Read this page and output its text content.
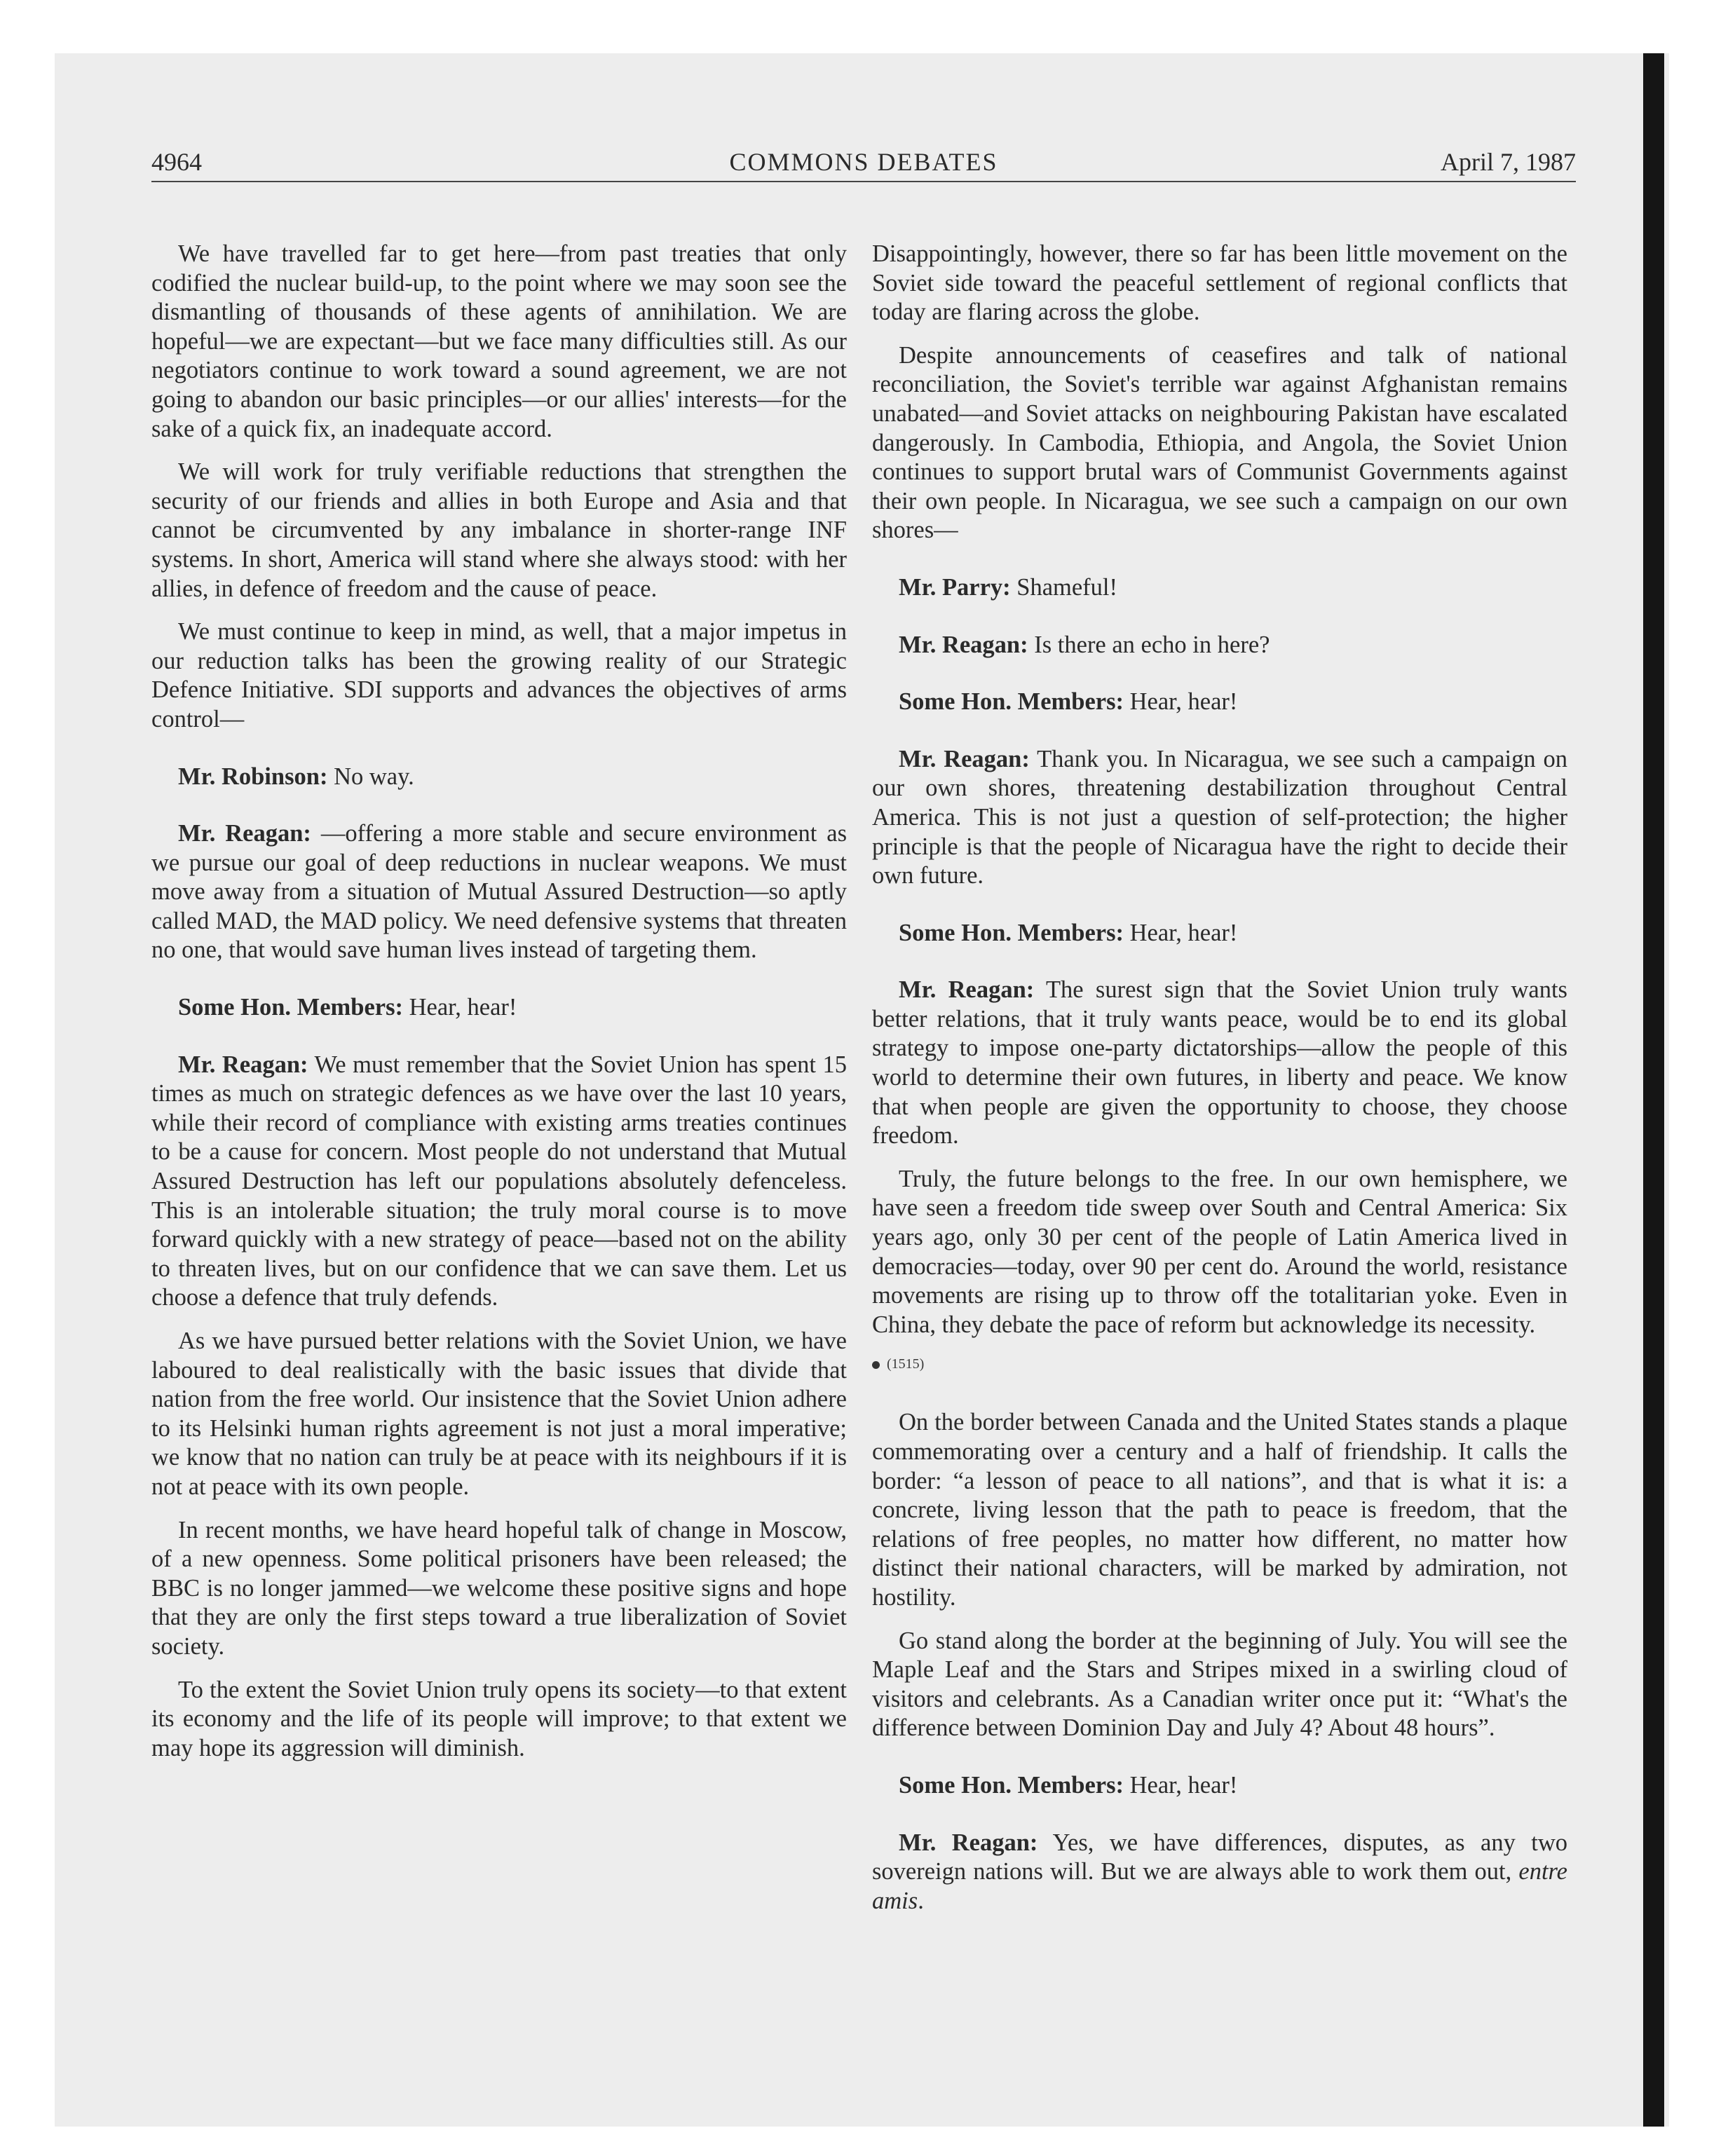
4964	COMMONS DEBATES	April 7, 1987

We have travelled far to get here—from past treaties that only codified the nuclear build-up, to the point where we may soon see the dismantling of thousands of these agents of annihilation. We are hopeful—we are expectant—but we face many difficulties still. As our negotiators continue to work toward a sound agreement, we are not going to abandon our basic principles—or our allies' interests—for the sake of a quick fix, an inadequate accord.

We will work for truly verifiable reductions that strengthen the security of our friends and allies in both Europe and Asia and that cannot be circumvented by any imbalance in shorter-range INF systems. In short, America will stand where she always stood: with her allies, in defence of freedom and the cause of peace.

We must continue to keep in mind, as well, that a major impetus in our reduction talks has been the growing reality of our Strategic Defence Initiative. SDI supports and advances the objectives of arms control—

Mr. Robinson: No way.

Mr. Reagan: —offering a more stable and secure environment as we pursue our goal of deep reductions in nuclear weapons. We must move away from a situation of Mutual Assured Destruction—so aptly called MAD, the MAD policy. We need defensive systems that threaten no one, that would save human lives instead of targeting them.

Some Hon. Members: Hear, hear!

Mr. Reagan: We must remember that the Soviet Union has spent 15 times as much on strategic defences as we have over the last 10 years, while their record of compliance with existing arms treaties continues to be a cause for concern. Most people do not understand that Mutual Assured Destruction has left our populations absolutely defenceless. This is an intolerable situation; the truly moral course is to move forward quickly with a new strategy of peace—based not on the ability to threaten lives, but on our confidence that we can save them. Let us choose a defence that truly defends.

As we have pursued better relations with the Soviet Union, we have laboured to deal realistically with the basic issues that divide that nation from the free world. Our insistence that the Soviet Union adhere to its Helsinki human rights agreement is not just a moral imperative; we know that no nation can truly be at peace with its neighbours if it is not at peace with its own people.

In recent months, we have heard hopeful talk of change in Moscow, of a new openness. Some political prisoners have been released; the BBC is no longer jammed—we welcome these positive signs and hope that they are only the first steps toward a true liberalization of Soviet society.

To the extent the Soviet Union truly opens its society—to that extent its economy and the life of its people will improve; to that extent we may hope its aggression will diminish.

Disappointingly, however, there so far has been little movement on the Soviet side toward the peaceful settlement of regional conflicts that today are flaring across the globe.

Despite announcements of ceasefires and talk of national reconciliation, the Soviet's terrible war against Afghanistan remains unabated—and Soviet attacks on neighbouring Pakistan have escalated dangerously. In Cambodia, Ethiopia, and Angola, the Soviet Union continues to support brutal wars of Communist Governments against their own people. In Nicaragua, we see such a campaign on our own shores—

Mr. Parry: Shameful!

Mr. Reagan: Is there an echo in here?

Some Hon. Members: Hear, hear!

Mr. Reagan: Thank you. In Nicaragua, we see such a campaign on our own shores, threatening destabilization throughout Central America. This is not just a question of self-protection; the higher principle is that the people of Nicaragua have the right to decide their own future.

Some Hon. Members: Hear, hear!

Mr. Reagan: The surest sign that the Soviet Union truly wants better relations, that it truly wants peace, would be to end its global strategy to impose one-party dictatorships—allow the people of this world to determine their own futures, in liberty and peace. We know that when people are given the opportunity to choose, they choose freedom.

Truly, the future belongs to the free. In our own hemisphere, we have seen a freedom tide sweep over South and Central America: Six years ago, only 30 per cent of the people of Latin America lived in democracies—today, over 90 per cent do. Around the world, resistance movements are rising up to throw off the totalitarian yoke. Even in China, they debate the pace of reform but acknowledge its necessity.

(1515)

On the border between Canada and the United States stands a plaque commemorating over a century and a half of friendship. It calls the border: “a lesson of peace to all nations”, and that is what it is: a concrete, living lesson that the path to peace is freedom, that the relations of free peoples, no matter how different, no matter how distinct their national characters, will be marked by admiration, not hostility.

Go stand along the border at the beginning of July. You will see the Maple Leaf and the Stars and Stripes mixed in a swirling cloud of visitors and celebrants. As a Canadian writer once put it: “What's the difference between Dominion Day and July 4? About 48 hours”.

Some Hon. Members: Hear, hear!

Mr. Reagan: Yes, we have differences, disputes, as any two sovereign nations will. But we are always able to work them out, entre amis.
